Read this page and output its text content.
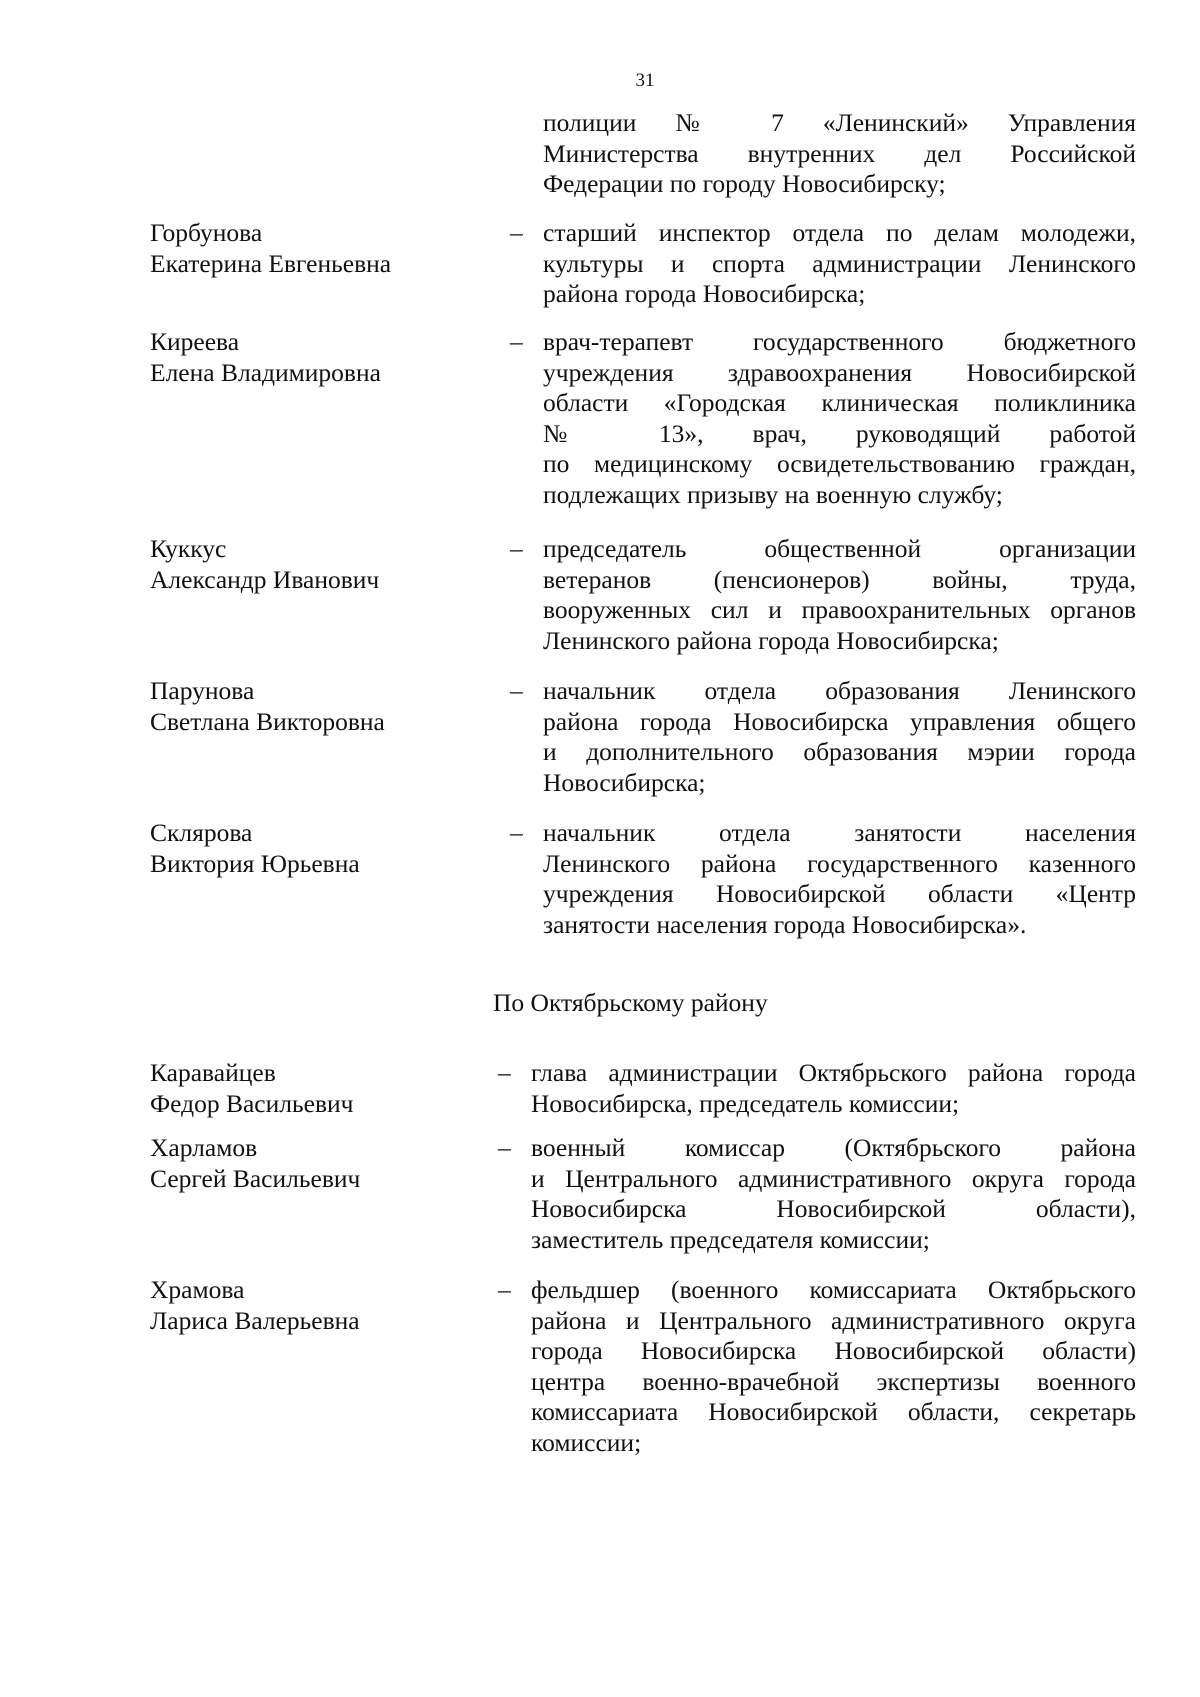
31
полиции № 7 «Ленинский» Управления
Министерства внутренних дел Российской
Федерации по городу Новосибирску;
Горбунова
Екатерина Евгеньевна
– старший инспектор отдела по делам молодежи,
культуры и спорта администрации Ленинского
района города Новосибирска;
Киреева
Елена Владимировна
– врач-терапевт государственного бюджетного
учреждения здравоохранения Новосибирской
области «Городская клиническая поликлиника
№ 13», врач, руководящий работой
по медицинскому освидетельствованию граждан,
подлежащих призыву на военную службу;
Куккус
Александр Иванович
– председатель общественной организации
ветеранов (пенсионеров) войны, труда,
вооруженных сил и правоохранительных органов
Ленинского района города Новосибирска;
Парунова
Светлана Викторовна
– начальник отдела образования Ленинского
района города Новосибирска управления общего
и дополнительного образования мэрии города
Новосибирска;
Склярова
Виктория Юрьевна
– начальник отдела занятости населения
Ленинского района государственного казенного
учреждения Новосибирской области «Центр
занятости населения города Новосибирска».
По Октябрьскому району
Каравайцев
Федор Васильевич
– глава администрации Октябрьского района города
Новосибирска, председатель комиссии;
Харламов
Сергей Васильевич
– военный комиссар (Октябрьского района
и Центрального административного округа города
Новосибирска Новосибирской области),
заместитель председателя комиссии;
Храмова
Лариса Валерьевна
– фельдшер (военного комиссариата Октябрьского
района и Центрального административного округа
города Новосибирска Новосибирской области)
центра военно-врачебной экспертизы военного
комиссариата Новосибирской области, секретарь
комиссии;
